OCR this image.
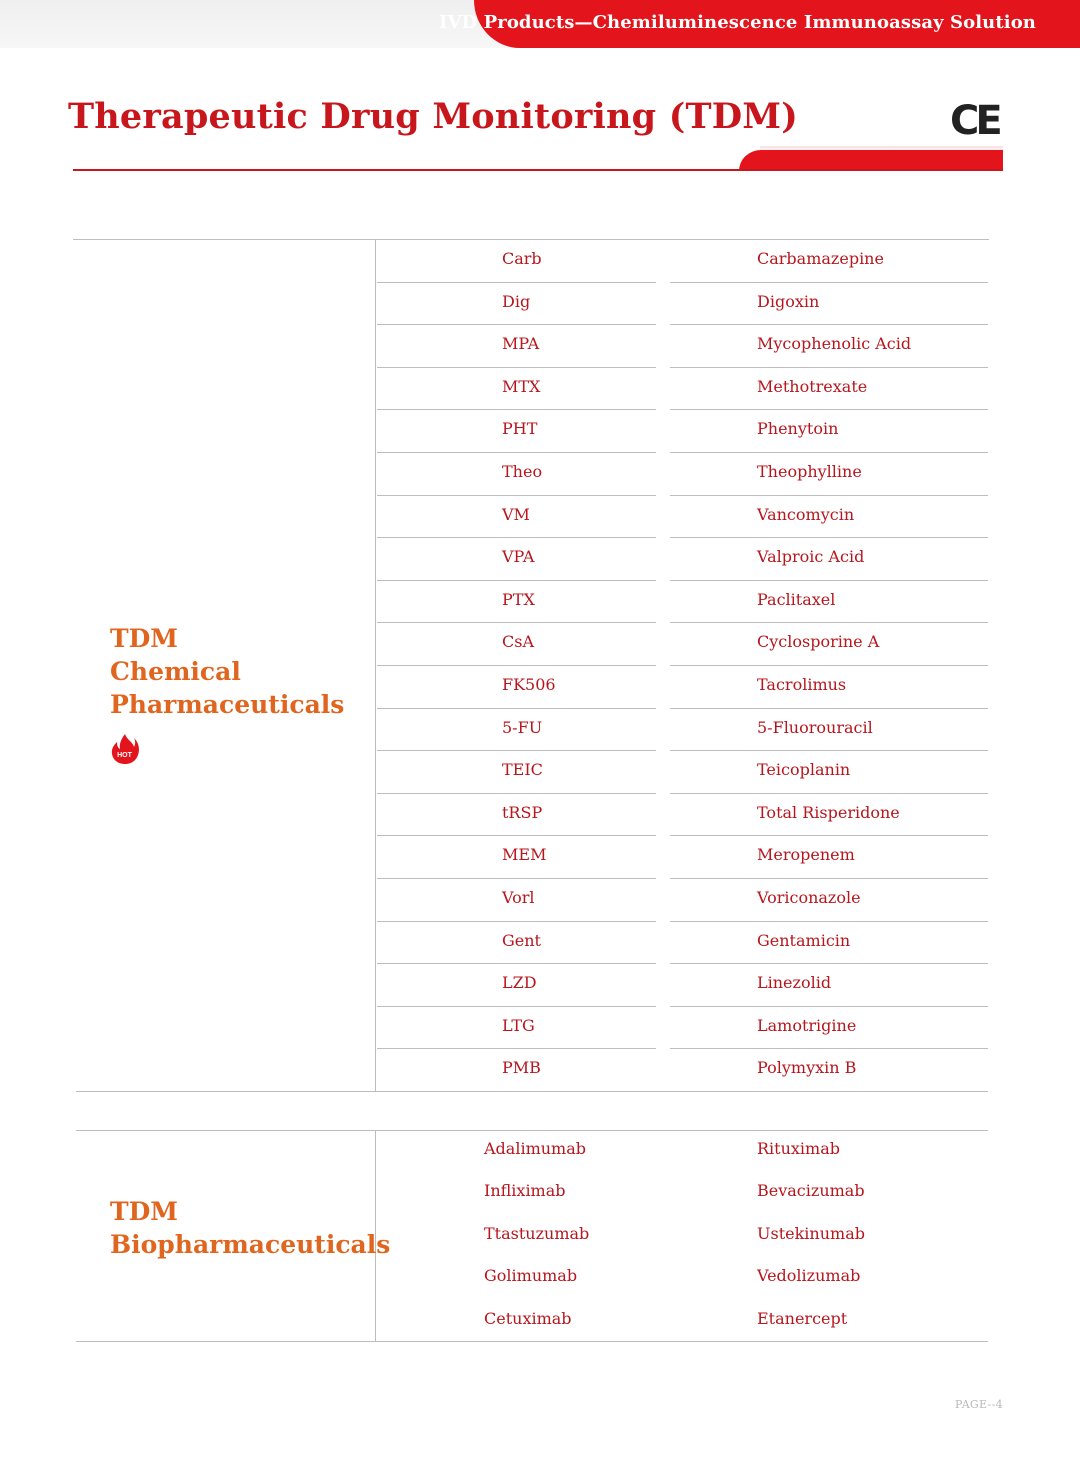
IVD Products—Chemiluminescence Immunoassay Solution
Therapeutic Drug Monitoring (TDM)	CE
Carb	Carbamazepine
Dig	Digoxin
MPA	Mycophenolic Acid
MTX	Methotrexate
PHT	Phenytoin
Theo	Theophylline
VM	Vancomycin
VPA	Valproic Acid
PTX	Paclitaxel
CsA	Cyclosporine A
FK506	Tacrolimus
5-FU	5-Fluorouracil
TEIC	Teicoplanin
tRSP	Total Risperidone
MEM	Meropenem
Vorl	Voriconazole
Gent	Gentamicin
LZD	Linezolid
LTG	Lamotrigine
PMB	Polymyxin B
TDM
Chemical
Pharmaceuticals
HOT
Adalimumab	Rituximab
Infliximab	Bevacizumab
Ttastuzumab	Ustekinumab
Golimumab	Vedolizumab
Cetuximab	Etanercept
TDM
Biopharmaceuticals
PAGE--4
